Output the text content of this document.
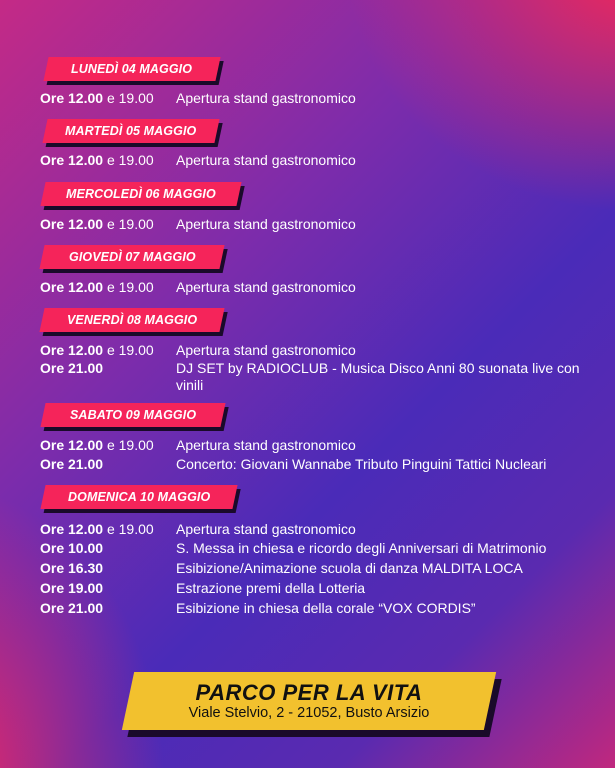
LUNEDÌ 04 MAGGIO
Ore 12.00 e 19.00 Apertura stand gastronomico
MARTEDÌ 05 MAGGIO
Ore 12.00 e 19.00 Apertura stand gastronomico
MERCOLEDÌ 06 MAGGIO
Ore 12.00 e 19.00 Apertura stand gastronomico
GIOVEDÌ 07 MAGGIO
Ore 12.00 e 19.00 Apertura stand gastronomico
VENERDÌ 08 MAGGIO
Ore 12.00 e 19.00 Apertura stand gastronomico
Ore 21.00	DJ SET by RADIOCLUB - Musica Disco Anni 80 suonata live con vinili
SABATO 09 MAGGIO
Ore 12.00 e 19.00 Apertura stand gastronomico
Ore 21.00	Concerto: Giovani Wannabe Tributo Pinguini Tattici Nucleari
DOMENICA 10 MAGGIO
Ore 12.00 e 19.00 Apertura stand gastronomico
Ore 10.00	S. Messa in chiesa e ricordo degli Anniversari di Matrimonio
Ore 16.30	Esibizione/Animazione scuola di danza MALDITA LOCA
Ore 19.00	Estrazione premi della Lotteria
Ore 21.00	Esibizione in chiesa della corale “VOX CORDIS”
PARCO PER LA VITA
Viale Stelvio, 2 - 21052, Busto Arsizio
